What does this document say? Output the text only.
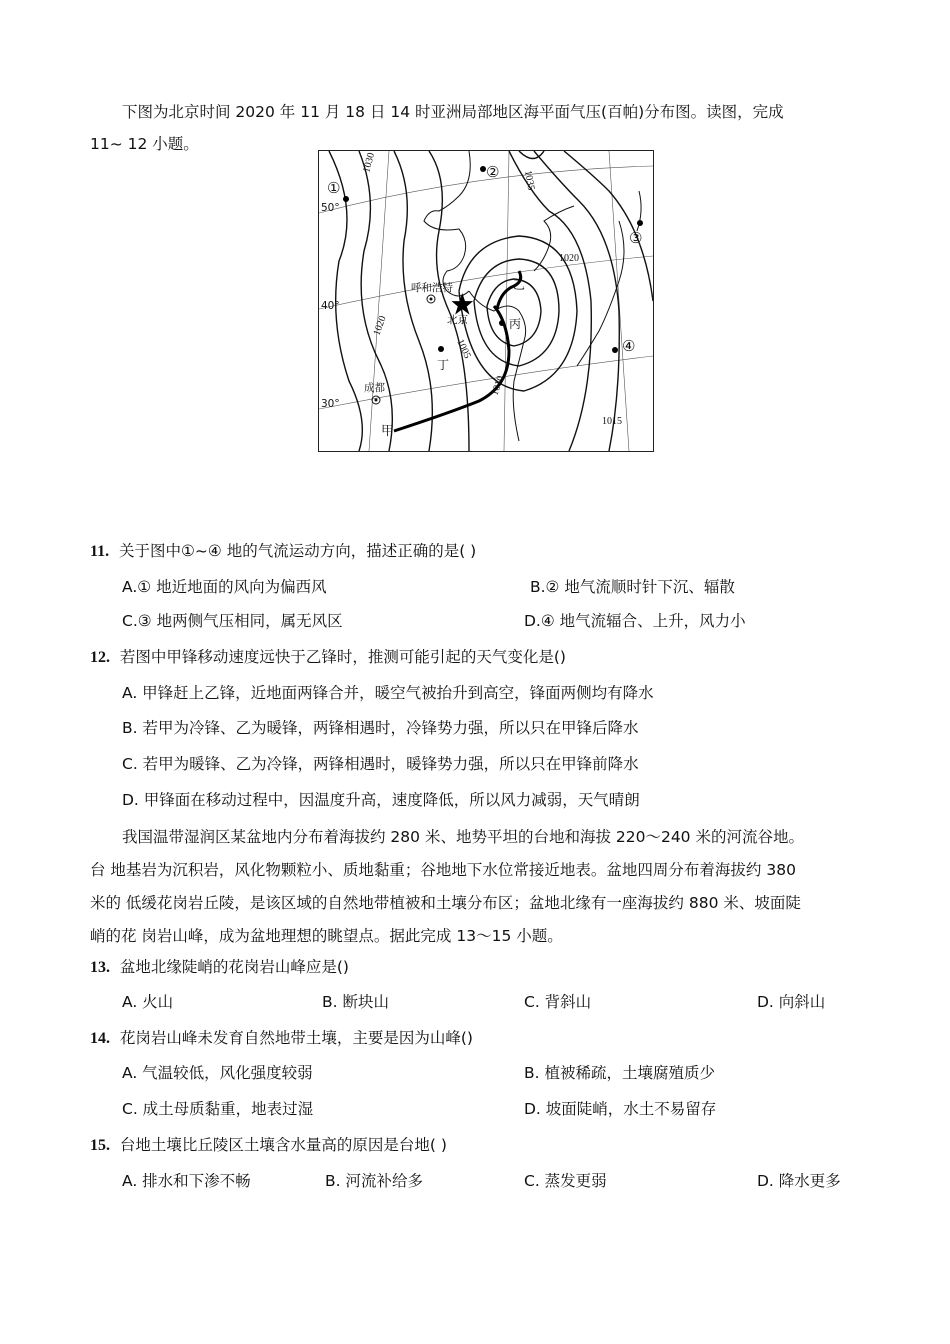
下图为北京时间 2020 年 11 月 18 日 14 时亚洲局部地区海平面气压(百帕)分布图。读图，完成
11~ 12 小题。
50°
40°
30°
1030
1035
1020
1020
1005
1010
1015
呼和浩特
北京
成都
①
②
③
④
甲
乙
丙
丁
11. 关于图中①~④ 地的气流运动方向，描述正确的是( )
A.① 地近地面的风向为偏西风	B.② 地气流顺时针下沉、辐散
C.③ 地两侧气压相同，属无风区	D.④ 地气流辐合、上升，风力小
12. 若图中甲锋移动速度远快于乙锋时，推测可能引起的天气变化是()
A. 甲锋赶上乙锋，近地面两锋合并，暖空气被抬升到高空，锋面两侧均有降水
B. 若甲为冷锋、乙为暖锋，两锋相遇时，冷锋势力强，所以只在甲锋后降水
C. 若甲为暖锋、乙为冷锋，两锋相遇时，暖锋势力强，所以只在甲锋前降水
D. 甲锋面在移动过程中，因温度升高，速度降低，所以风力减弱，天气晴朗
我国温带湿润区某盆地内分布着海拔约 280 米、地势平坦的台地和海拔 220～240 米的河流谷地。
台 地基岩为沉积岩，风化物颗粒小、质地黏重；谷地地下水位常接近地表。盆地四周分布着海拔约 380
米的 低缓花岗岩丘陵，是该区域的自然地带植被和土壤分布区；盆地北缘有一座海拔约 880 米、坡面陡
峭的花 岗岩山峰，成为盆地理想的眺望点。据此完成 13～15 小题。
13. 盆地北缘陡峭的花岗岩山峰应是()
A. 火山	B. 断块山	C. 背斜山	D. 向斜山
14. 花岗岩山峰未发育自然地带土壤，主要是因为山峰()
A. 气温较低，风化强度较弱	B. 植被稀疏，土壤腐殖质少
C. 成土母质黏重，地表过湿	D. 坡面陡峭，水土不易留存
15. 台地土壤比丘陵区土壤含水量高的原因是台地( )
A. 排水和下渗不畅	B. 河流补给多	C. 蒸发更弱	D. 降水更多
